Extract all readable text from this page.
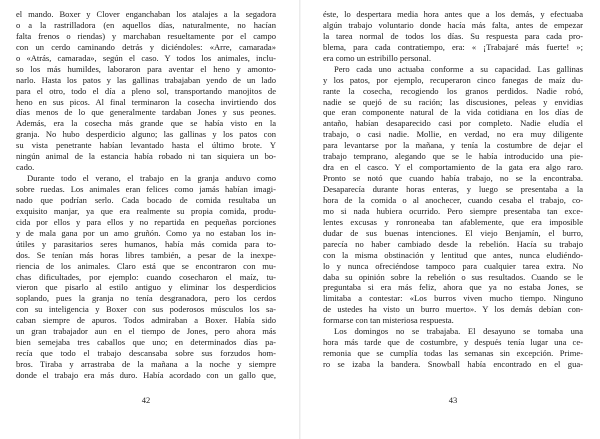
el mando. Boxer y Clover enganchaban los atalajes a la segadora
o a la rastrilladora (en aquellos días, naturalmente, no hacían
falta frenos o riendas) y marchaban resueltamente por el campo
con un cerdo caminando detrás y diciéndoles: «Arre, camarada»
o «Atrás, camarada», según el caso. Y todos los animales, inclu-
so los más humildes, laboraron para aventar el heno y amonto-
narlo. Hasta los patos y las gallinas trabajaban yendo de un lado
para el otro, todo el día a pleno sol, transportando manojitos de
heno en sus picos. Al final terminaron la cosecha invirtiendo dos
días menos de lo que generalmente tardaban Jones y sus peones.
Además, era la cosecha más grande que se había visto en la
granja. No hubo desperdicio alguno; las gallinas y los patos con
su vista penetrante habían levantado hasta el último brote. Y
ningún animal de la estancia había robado ni tan siquiera un bo-
cado.
Durante todo el verano, el trabajo en la granja anduvo como
sobre ruedas. Los animales eran felices como jamás habían imagi-
nado que podrían serlo. Cada bocado de comida resultaba un
exquisito manjar, ya que era realmente su propia comida, produ-
cida por ellos y para ellos y no repartida en pequeñas porciones
y de mala gana por un amo gruñón. Como ya no estaban los in-
útiles y parasitarios seres humanos, había más comida para to-
dos. Se tenían más horas libres también, a pesar de la inexpe-
riencia de los animales. Claro está que se encontraron con mu-
chas dificultades, por ejemplo: cuando cosecharon el maíz, tu-
vieron que pisarlo al estilo antiguo y eliminar los desperdicios
soplando, pues la granja no tenía desgranadora, pero los cerdos
con su inteligencia y Boxer con sus poderosos músculos los sa-
caban siempre de apuros. Todos admiraban a Boxer. Había sido
un gran trabajador aun en el tiempo de Jones, pero ahora más
bien semejaba tres caballos que uno; en determinados días pa-
recía que todo el trabajo descansaba sobre sus forzudos hom-
bros. Tiraba y arrastraba de la mañana a la noche y siempre
donde el trabajo era más duro. Había acordado con un gallo que,
42
éste, lo despertara media hora antes que a los demás, y efectuaba
algún trabajo voluntario donde hacía más falta, antes de empezar
la tarea normal de todos los días. Su respuesta para cada pro-
blema, para cada contratiempo, era: « ¡Trabajaré más fuerte! »;
era como un estribillo personal.
Pero cada uno actuaba conforme a su capacidad. Las gallinas
y los patos, por ejemplo, recuperaron cinco fanegas de maíz du-
rante la cosecha, recogiendo los granos perdidos. Nadie robó,
nadie se quejó de su ración; las discusiones, peleas y envidias
que eran componente natural de la vida cotidiana en los días de
antaño, habían desaparecido casi por completo. Nadie eludía el
trabajo, o casi nadie. Mollie, en verdad, no era muy diligente
para levantarse por la mañana, y tenía la costumbre de dejar el
trabajo temprano, alegando que se le había introducido una pie-
dra en el casco. Y el comportamiento de la gata era algo raro.
Pronto se notó que cuando había trabajo, no se la encontraba.
Desaparecía durante horas enteras, y luego se presentaba a la
hora de la comida o al anochecer, cuando cesaba el trabajo, co-
mo si nada hubiera ocurrido. Pero siempre presentaba tan exce-
lentes excusas y ronroneaba tan afablemente, que era imposible
dudar de sus buenas intenciones. El viejo Benjamín, el burro,
parecía no haber cambiado desde la rebelión. Hacía su trabajo
con la misma obstinación y lentitud que antes, nunca eludiéndo-
lo y nunca ofreciéndose tampoco para cualquier tarea extra. No
daba su opinión sobre la rebelión o sus resultados. Cuando se le
preguntaba si era más feliz, ahora que ya no estaba Jones, se
limitaba a contestar: «Los burros viven mucho tiempo. Ninguno
de ustedes ha visto un burro muerto». Y los demás debían con-
formarse con tan misteriosa respuesta.
Los domingos no se trabajaba. El desayuno se tomaba una
hora más tarde que de costumbre, y después tenía lugar una ce-
remonia que se cumplía todas las semanas sin excepción. Prime-
ro se izaba la bandera. Snowball había encontrado en el gua-
43
